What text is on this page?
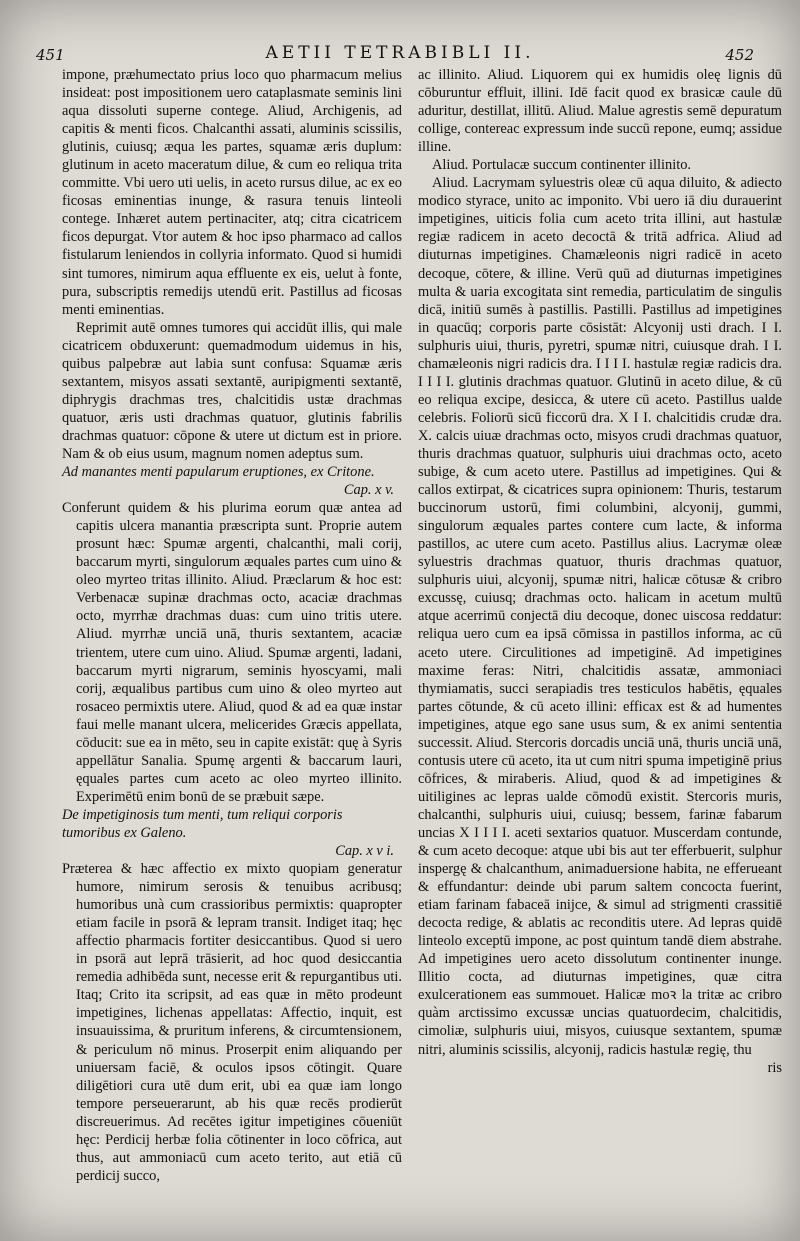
451	AETII TETRABIBLI II.	452

impone, præhumectato prius loco quo pharmacum melius insideat: post impositionem uero cataplasmate seminis lini aqua dissoluti superne contege. Aliud, Archigenis, ad capitis & menti ficos. Chalcanthi assati, aluminis scissilis, glutinis, cuiusq; æqua les partes, squamæ æris duplum: glutinum in aceto maceratum dilue, & cum eo reliqua trita committe. Vbi uero uti uelis, in aceto rursus dilue, ac ex eo ficosas eminentias inunge, & rasura tenuis linteoli contege. Inhæret autem pertinaciter, atq; citra cicatricem ficos depurgat. Vtor autem & hoc ipso pharmaco ad callos fistularum leniendos in collyria informato. Quod si humidi sint tumores, nimirum aqua effluente ex eis, uelut à fonte, pura, subscriptis remedijs utendū erit. Pastillus ad ficosas menti eminentias.

Reprimit autē omnes tumores qui accidūt illis, qui male cicatricem obduxerunt: quemadmodum uidemus in his, quibus palpebræ aut labia sunt confusa: Squamæ æris sextantem, misyos assati sextantē, auripigmenti sextantē, diphrygis drachmas tres, chalcitidis ustæ drachmas quatuor, æris usti drachmas quatuor, glutinis fabrilis drachmas quatuor: cōpone & utere ut dictum est in priore. Nam & ob eius usum, magnum nomen adeptus sum.

Ad manantes menti papularum eruptiones, ex Critone.

Cap. x v.

Conferunt quidem & his plurima eorum quæ antea ad capitis ulcera manantia præscripta sunt. Proprie autem prosunt hæc: Spumæ argenti, chalcanthi, mali corij, baccarum myrti, singulorum æquales partes cum uino & oleo myrteo tritas illinito. Aliud. Præclarum & hoc est: Verbenacæ supinæ drachmas octo, acaciæ drachmas octo, myrrhæ drachmas duas: cum uino tritis utere. Aliud. myrrhæ unciā unā, thuris sextantem, acaciæ trientem, utere cum uino. Aliud. Spumæ argenti, ladani, baccarum myrti nigrarum, seminis hyoscyami, mali corij, æqualibus partibus cum uino & oleo myrteo aut rosaceo permixtis utere. Aliud, quod & ad ea quæ instar faui melle manant ulcera, melicerides Græcis appellata, cōducit: sue ea in mēto, seu in capite existāt: quę à Syris appellātur Sanalia. Spumę argenti & baccarum lauri, ęquales partes cum aceto ac oleo myrteo illinito. Experimētū enim bonū de se præbuit sæpe.

De impetiginosis tum menti, tum reliqui corporis tumoribus ex Galeno.

Cap. x v i.

Præterea & hæc affectio ex mixto quopiam generatur humore, nimirum serosis & tenuibus acribusq; humoribus unà cum crassioribus permixtis: quapropter etiam facile in psorā & lepram transit. Indiget itaq; hęc affectio pharmacis fortiter desiccantibus. Quod si uero in psorā aut leprā trāsierit, ad hoc quod desiccantia remedia adhibēda sunt, necesse erit & repurgantibus uti. Itaq; Crito ita scripsit, ad eas quæ in mēto prodeunt impetigines, lichenas appellatas: Affectio, inquit, est insuauissima, & pruritum inferens, & circumtensionem, & periculum nō minus. Proserpit enim aliquando per uniuersam faciē, & oculos ipsos cōtingit. Quare diligētiori cura utē dum erit, ubi ea quæ iam longo tempore perseuerarunt, ab his quæ recēs prodierūt discreuerimus. Ad recētes igitur impetigines cōueniūt hęc: Perdicij herbæ folia cōtinenter in loco cōfrica, aut thus, aut ammoniacū cum aceto terito, aut etiā cū perdicij succo,

ac illinito. Aliud. Liquorem qui ex humidis oleę lignis dū cōburuntur effluit, illini. Idē facit quod ex brasicæ caule dū aduritur, destillat, illitū. Aliud. Malue agrestis semē depuratum collige, contereac expressum inde succū repone, eumq; assidue illine.

Aliud. Portulacæ succum continenter illinito.

Aliud. Lacrymam syluestris oleæ cū aqua diluito, & adiecto modico styrace, unito ac imponito. Vbi uero iā diu durauerint impetigines, uiticis folia cum aceto trita illini, aut hastulæ regiæ radicem in aceto decoctā & tritā adfrica. Aliud ad diuturnas impetigines. Chamæleonis nigri radicē in aceto decoque, cōtere, & illine. Verū quū ad diuturnas impetigines multa & uaria excogitata sint remedia, particulatim de singulis dicā, initiū sumēs à pastillis. Pastilli. Pastillus ad impetigines in quacūq; corporis parte cōsistāt: Alcyonij usti drach. I I. sulphuris uiui, thuris, pyretri, spumæ nitri, cuiusque drah. I I. chamæleonis nigri radicis dra. I I I I. hastulæ regiæ radicis dra. I I I I. glutinis drachmas quatuor. Glutinū in aceto dilue, & cū eo reliqua excipe, desicca, & utere cū aceto. Pastillus ualde celebris. Foliorū sicū ficcorū dra. X I I. chalcitidis crudæ dra. X. calcis uiuæ drachmas octo, misyos crudi drachmas quatuor, thuris drachmas quatuor, sulphuris uiui drachmas octo, aceto subige, & cum aceto utere. Pastillus ad impetigines. Qui & callos extirpat, & cicatrices supra opinionem: Thuris, testarum buccinorum ustorū, fimi columbini, alcyonij, gummi, singulorum æquales partes contere cum lacte, & informa pastillos, ac utere cum aceto. Pastillus alius. Lacrymæ oleæ syluestris drachmas quatuor, thuris drachmas quatuor, sulphuris uiui, alcyonij, spumæ nitri, halicæ cōtusæ & cribro excussę, cuiusq; drachmas octo. halicam in acetum multū atque acerrimū conjectā diu decoque, donec uiscosa reddatur: reliqua uero cum ea ipsā cōmissa in pastillos informa, ac cū aceto utere. Circulitiones ad impetiginē. Ad impetigines maxime feras: Nitri, chalcitidis assatæ, ammoniaci thymiamatis, succi serapiadis tres testiculos habētis, ęquales partes cōtunde, & cū aceto illini: efficax est & ad humentes impetigines, atque ego sane usus sum, & ex animi sententia successit. Aliud. Stercoris dorcadis unciā unā, thuris unciā unā, contusis utere cū aceto, ita ut cum nitri spuma impetiginē prius cōfrices, & miraberis. Aliud, quod & ad impetigines & uitiligines ac lepras ualde cōmodū existit. Stercoris muris, chalcanthi, sulphuris uiui, cuiusq; bessem, farinæ fabarum uncias X I I I I. aceti sextarios quatuor. Muscerdam contunde, & cum aceto decoque: atque ubi bis aut ter efferbuerit, sulphur inspergę & chalcanthum, animaduersione habita, ne efferueant & effundantur: deinde ubi parum saltem concocta fuerint, etiam farinam fabaceā inijce, & simul ad strigmenti crassitiē decocta redige, & ablatis ac reconditis utere. Ad lepras quidē linteolo exceptū impone, ac post quintum tandē diem abstrahe. Ad impetigines uero aceto dissolutum continenter inunge. Illitio cocta, ad diuturnas impetigines, quæ citra exulcerationem eas summouet. Halicæ moꝛ la tritæ ac cribro quàm arctissimo excussæ uncias quatuordecim, chalcitidis, cimoliæ, sulphuris uiui, misyos, cuiusque sextantem, spumæ nitri, aluminis scissilis, alcyonij, radicis hastulæ regię, thu

ris
